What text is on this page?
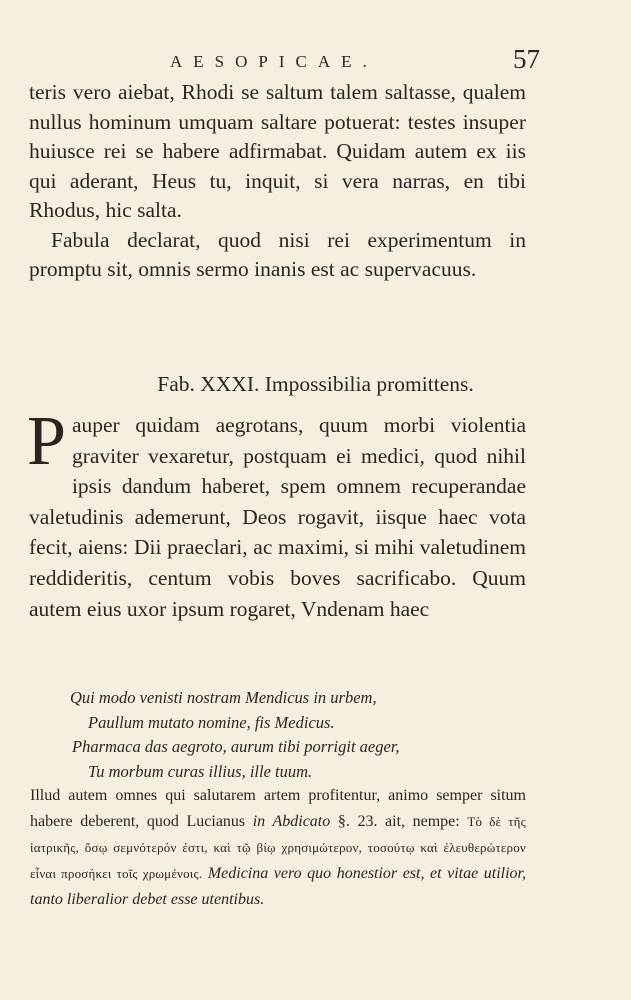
AESOPICAE.	57

teris vero aiebat, Rhodi se saltum talem saltasse, qualem nullus hominum umquam saltare potuerat: testes insuper huiusce rei se habere adfirmabat. Quidam autem ex iis qui aderant, Heus tu, inquit, si vera narras, en tibi Rhodus, hic salta.

Fabula declarat, quod nisi rei experimentum in promptu sit, omnis sermo inanis est ac supervacuus.

Fab. XXXI. Impossibilia promittens.
Pauper quidam aegrotans, quum morbi violentia graviter vexaretur, postquam ei medici, quod nihil ipsis dandum haberet, spem omnem recuperandae valetudinis ademerunt, Deos rogavit, iisque haec vota fecit, aiens: Dii praeclari, ac maximi, si mihi valetudinem reddideritis, centum vobis boves sacrificabo. Quum autem eius uxor ipsum rogaret, Vndenam haec
Qui modo venisti nostram Mendicus in urbem,
Paullum mutato nomine, fis Medicus.
Pharmaca das aegroto, aurum tibi porrigit aeger,
Tu morbum curas illius, ille tuum.
Illud autem omnes qui salutarem artem profitentur, animo semper situm habere deberent, quod Lucianus in Abdicato §. 23. ait, nempe: Τὸ δὲ τῆς ἰατρικῆς, ὅσῳ σεμνότερόν ἐστι, καὶ τῷ βίῳ χρησιμώτερον, τοσούτῳ καὶ ἐλευθερώτερον εἶναι προσήκει τοῖς χρωμένοις. Medicina vero quo honestior est, et vitae utilior, tanto liberalior debet esse utentibus.
